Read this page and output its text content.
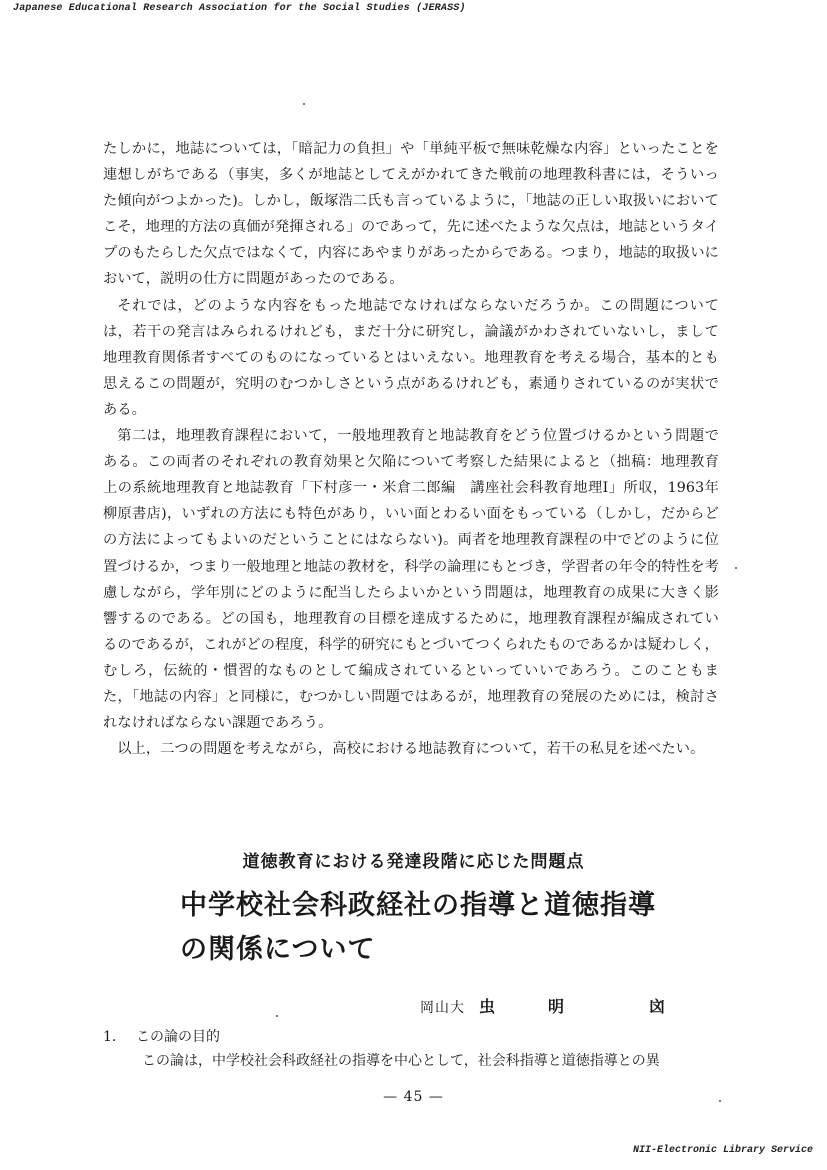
Japanese Educational Research Association for the Social Studies (JERASS)

たしかに，地誌については，「暗記力の負担」や「単純平板で無味乾燥な内容」といったことを連想しがちである（事実，多くが地誌としてえがかれてきた戦前の地理教科書には，そういった傾向がつよかった)。しかし，飯塚浩二氏も言っているように，「地誌の正しい取扱いにおいてこそ，地理的方法の真価が発揮される」のであって，先に述べたような欠点は，地誌というタイプのもたらした欠点ではなくて，内容にあやまりがあったからである。つまり，地誌的取扱いにおいて，説明の仕方に問題があったのである。

それでは，どのような内容をもった地誌でなければならないだろうか。この問題については，若干の発言はみられるけれども，まだ十分に研究し，論議がかわされていないし，まして地理教育関係者すべてのものになっているとはいえない。地理教育を考える場合，基本的とも思えるこの問題が，究明のむつかしさという点があるけれども，素通りされているのが実状である。

第二は，地理教育課程において，一般地理教育と地誌教育をどう位置づけるかという問題である。この両者のそれぞれの教育効果と欠陥について考察した結果によると（拙稿：地理教育上の系統地理教育と地誌教育「下村彦一・米倉二郎編　講座社会科教育地理Ⅰ」所収，1963年 柳原書店)，いずれの方法にも特色があり，いい面とわるい面をもっている（しかし，だからどの方法によってもよいのだということにはならない)。両者を地理教育課程の中でどのように位置づけるか，つまり一般地理と地誌の教材を，科学の論理にもとづき，学習者の年令的特性を考慮しながら，学年別にどのように配当したらよいかという問題は，地理教育の成果に大きく影響するのである。どの国も，地理教育の目標を達成するために，地理教育課程が編成されているのであるが，これがどの程度，科学的研究にもとづいてつくられたものであるかは疑わしく，むしろ，伝統的・慣習的なものとして編成されているといっていいであろう。このこともまた，「地誌の内容」と同様に，むつかしい問題ではあるが，地理教育の発展のためには，検討されなければならない課題であろう。

以上，二つの問題を考えながら，高校における地誌教育について，若干の私見を述べたい。

道徳教育における発達段階に応じた問題点
中学校社会科政経社の指導と道徳指導
の関係について
岡山大 虫	明	㓙
1. この論の目的
この論は，中学校社会科政経社の指導を中心として，社会科指導と道徳指導との異
— 45 —
NII-Electronic Library Service
